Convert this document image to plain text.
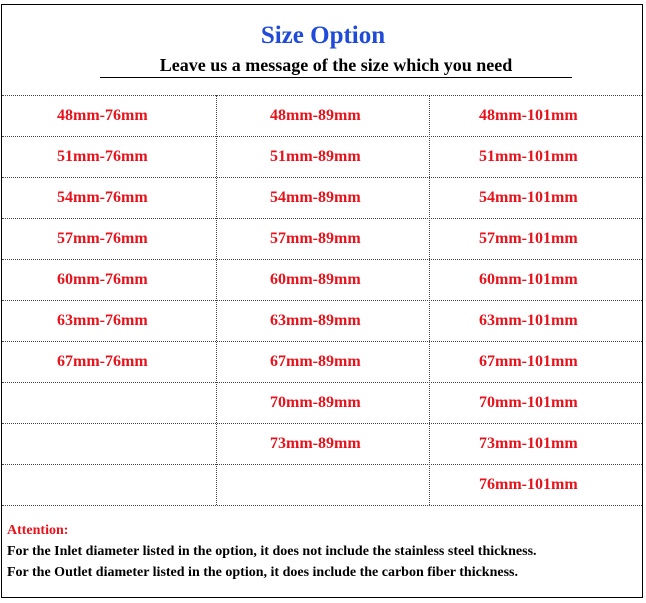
Size Option
Leave us a message of the size which you need
48mm-76mm
51mm-76mm
54mm-76mm
57mm-76mm
60mm-76mm
63mm-76mm
67mm-76mm
48mm-89mm
51mm-89mm
54mm-89mm
57mm-89mm
60mm-89mm
63mm-89mm
67mm-89mm
70mm-89mm
73mm-89mm
48mm-101mm
51mm-101mm
54mm-101mm
57mm-101mm
60mm-101mm
63mm-101mm
67mm-101mm
70mm-101mm
73mm-101mm
76mm-101mm
Attention:
For the Inlet diameter listed in the option, it does not include the stainless steel thickness.
For the Outlet diameter listed in the option, it does include the carbon fiber thickness.
